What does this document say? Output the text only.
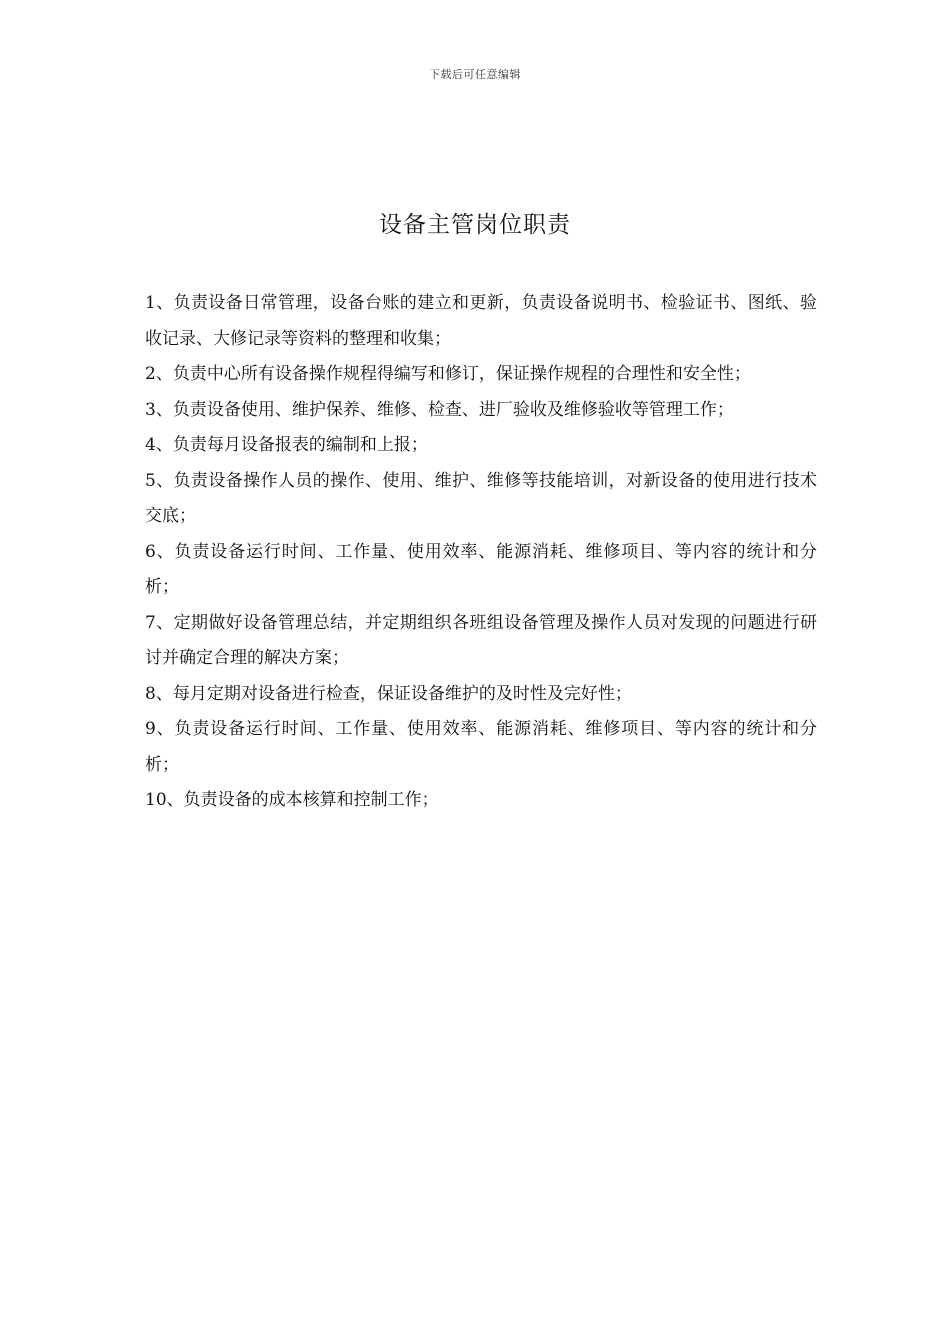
下载后可任意编辑
设备主管岗位职责
1、负责设备日常管理，设备台账的建立和更新，负责设备说明书、检验证书、图纸、验收记录、大修记录等资料的整理和收集；
2、负责中心所有设备操作规程得编写和修订，保证操作规程的合理性和安全性；
3、负责设备使用、维护保养、维修、检查、进厂验收及维修验收等管理工作；
4、负责每月设备报表的编制和上报；
5、负责设备操作人员的操作、使用、维护、维修等技能培训，对新设备的使用进行技术交底；
6、负责设备运行时间、工作量、使用效率、能源消耗、维修项目、等内容的统计和分析；
7、定期做好设备管理总结，并定期组织各班组设备管理及操作人员对发现的问题进行研讨并确定合理的解决方案；
8、每月定期对设备进行检查，保证设备维护的及时性及完好性；
9、负责设备运行时间、工作量、使用效率、能源消耗、维修项目、等内容的统计和分析；
10、负责设备的成本核算和控制工作；
